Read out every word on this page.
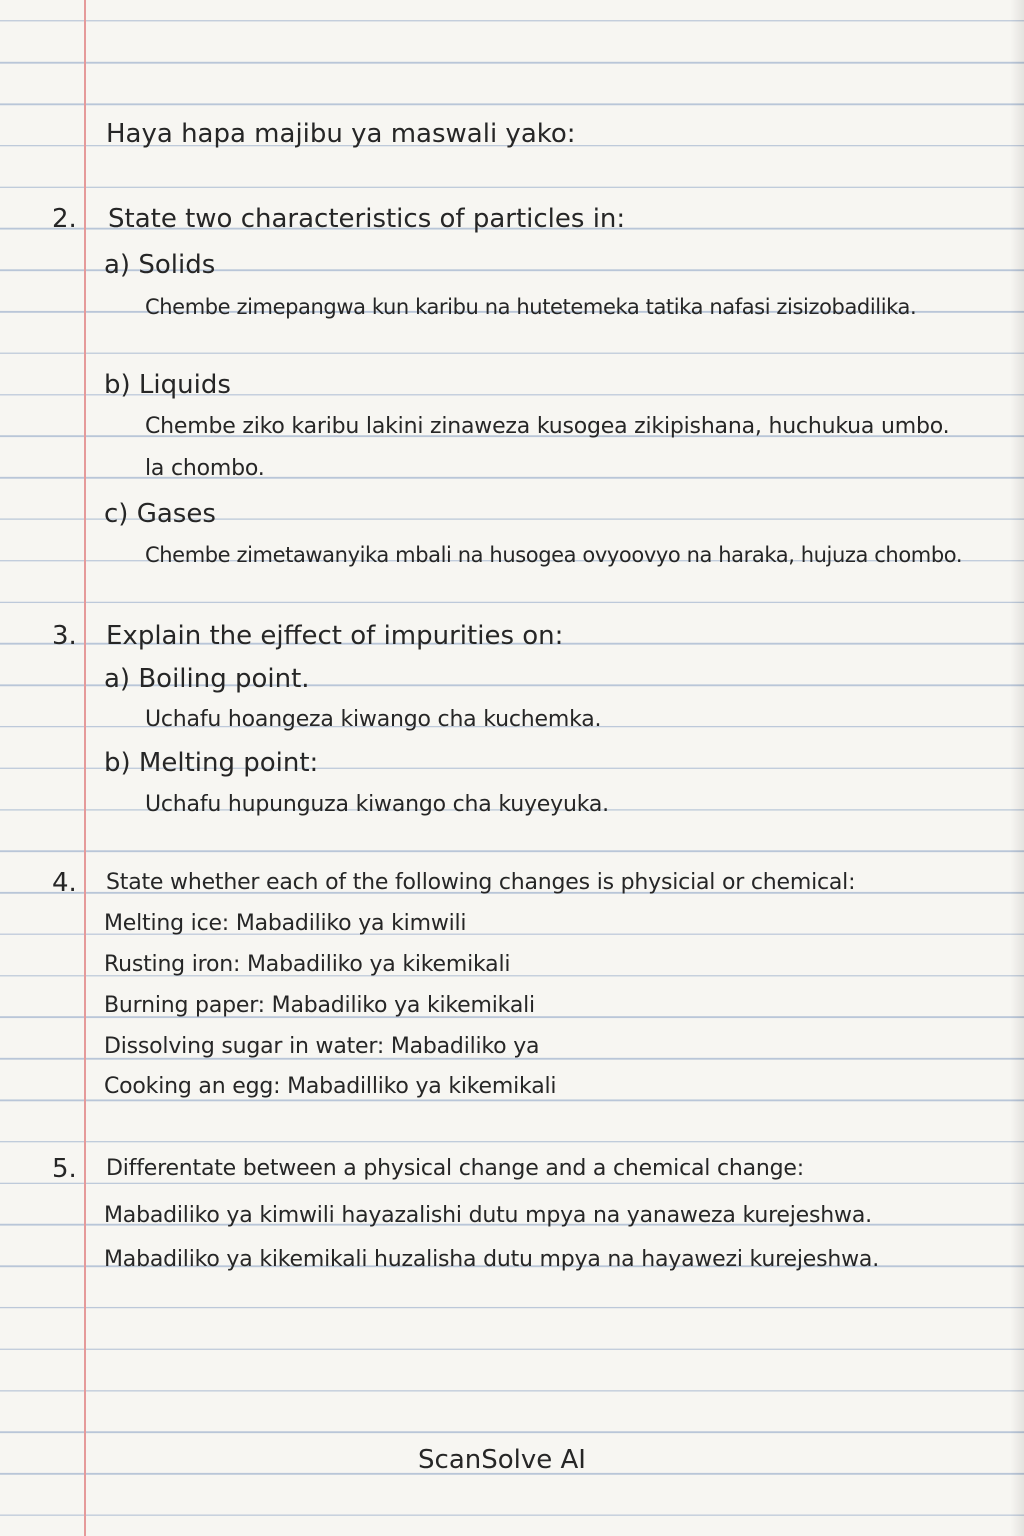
Haya hapa majibu ya maswali yako:

2. State two characteristics of particles in:

a) Solids

Chembe zimepangwa kun karibu na hutetemeka tatika nafasi zisizobadilika.

b) Liquids

Chembe ziko karibu lakini zinaweza kusogea zikipishana, huchukua umbo.

la chombo.

c) Gases

Chembe zimetawanyika mbali na husogea ovyoovyo na haraka, hujuza chombo.

3. Explain the ejffect of impurities on:

a) Boiling point.

Uchafu hoangeza kiwango cha kuchemka.

b) Melting point:

Uchafu hupunguza kiwango cha kuyeyuka.

4. State whether each of the following changes is physicial or chemical:

Melting ice: Mabadiliko ya kimwili

Rusting iron: Mabadiliko ya kikemikali

Burning paper: Mabadiliko ya kikemikali

Dissolving sugar in water: Mabadiliko ya

Cooking an egg: Mabadilliko ya kikemikali

5. Differentate between a physical change and a chemical change:

Mabadiliko ya kimwili hayazalishi dutu mpya na yanaweza kurejeshwa.

Mabadiliko ya kikemikali huzalisha dutu mpya na hayawezi kurejeshwa.

ScanSolve AI
